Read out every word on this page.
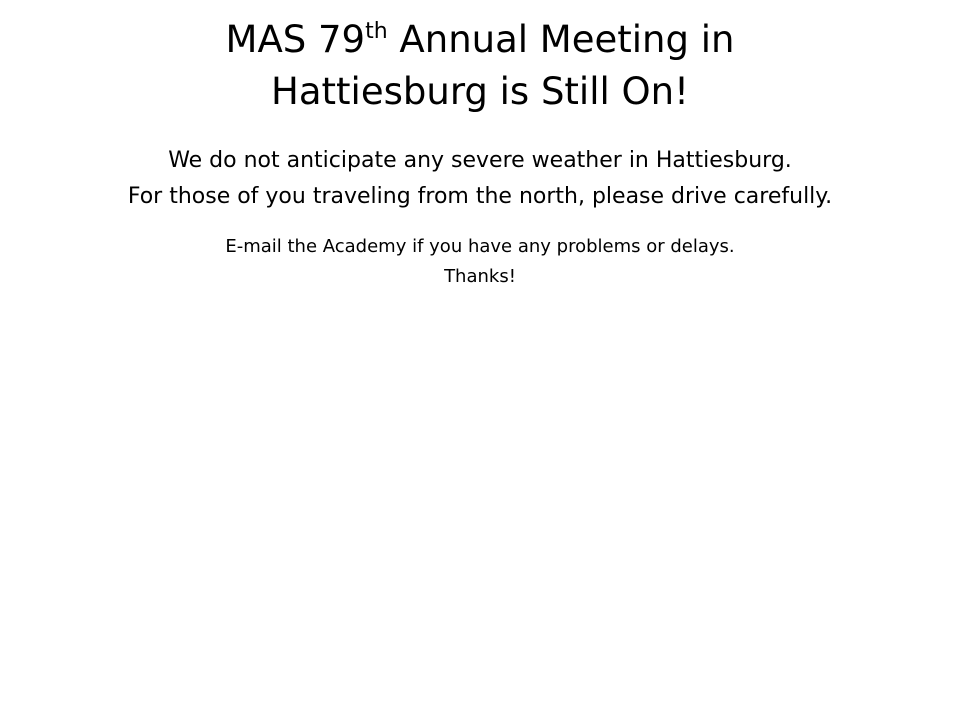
MAS 79th Annual Meeting in
Hattiesburg is Still On!

We do not anticipate any severe weather in Hattiesburg.
For those of you traveling from the north, please drive carefully.

E-mail the Academy if you have any problems or delays.
Thanks!
